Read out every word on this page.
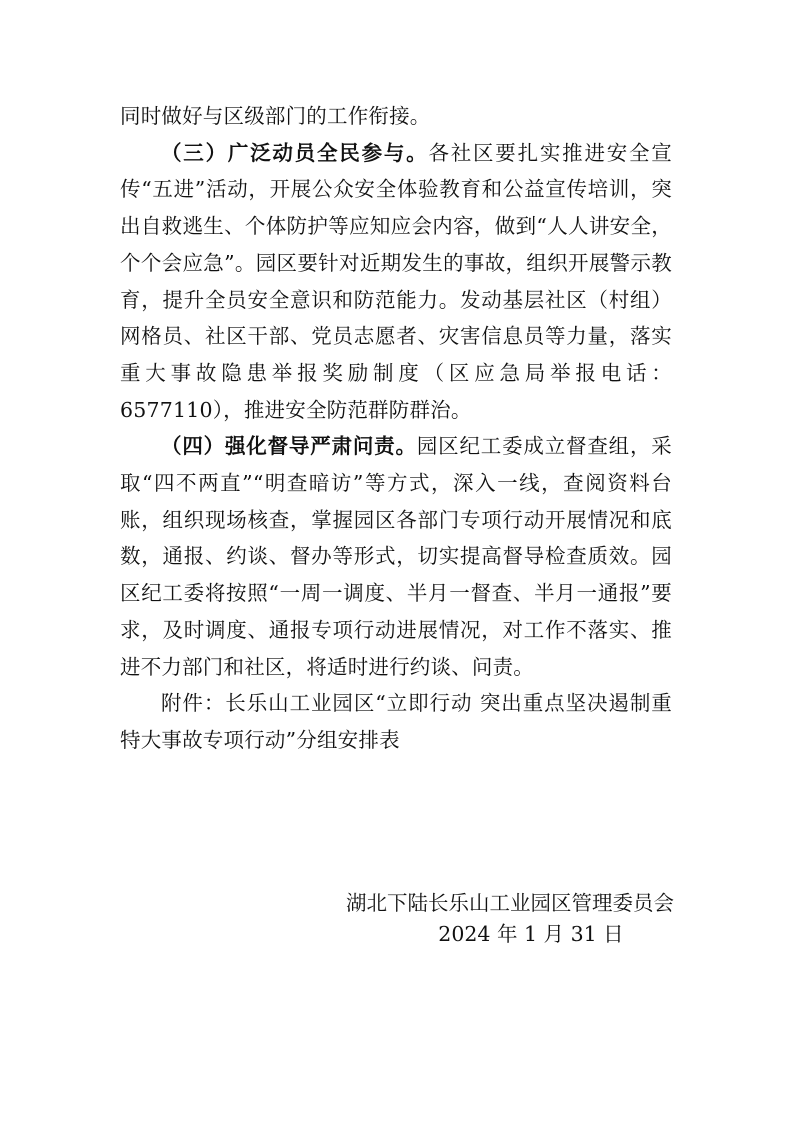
同时做好与区级部门的工作衔接。

（三）广泛动员全民参与。各社区要扎实推进安全宣传“五进”活动，开展公众安全体验教育和公益宣传培训，突出自救逃生、个体防护等应知应会内容，做到“人人讲安全，个个会应急”。园区要针对近期发生的事故，组织开展警示教育，提升全员安全意识和防范能力。发动基层社区（村组）网格员、社区干部、党员志愿者、灾害信息员等力量，落实重大事故隐患举报奖励制度（区应急局举报电话：6577110），推进安全防范群防群治。

（四）强化督导严肃问责。园区纪工委成立督查组，采取“四不两直”“明查暗访”等方式，深入一线，查阅资料台账，组织现场核查，掌握园区各部门专项行动开展情况和底数，通报、约谈、督办等形式，切实提高督导检查质效。园区纪工委将按照“一周一调度、半月一督查、半月一通报”要求，及时调度、通报专项行动进展情况，对工作不落实、推进不力部门和社区，将适时进行约谈、问责。

附件：长乐山工业园区“立即行动 突出重点坚决遏制重特大事故专项行动”分组安排表

湖北下陆长乐山工业园区管理委员会
2024 年 1 月 31 日
